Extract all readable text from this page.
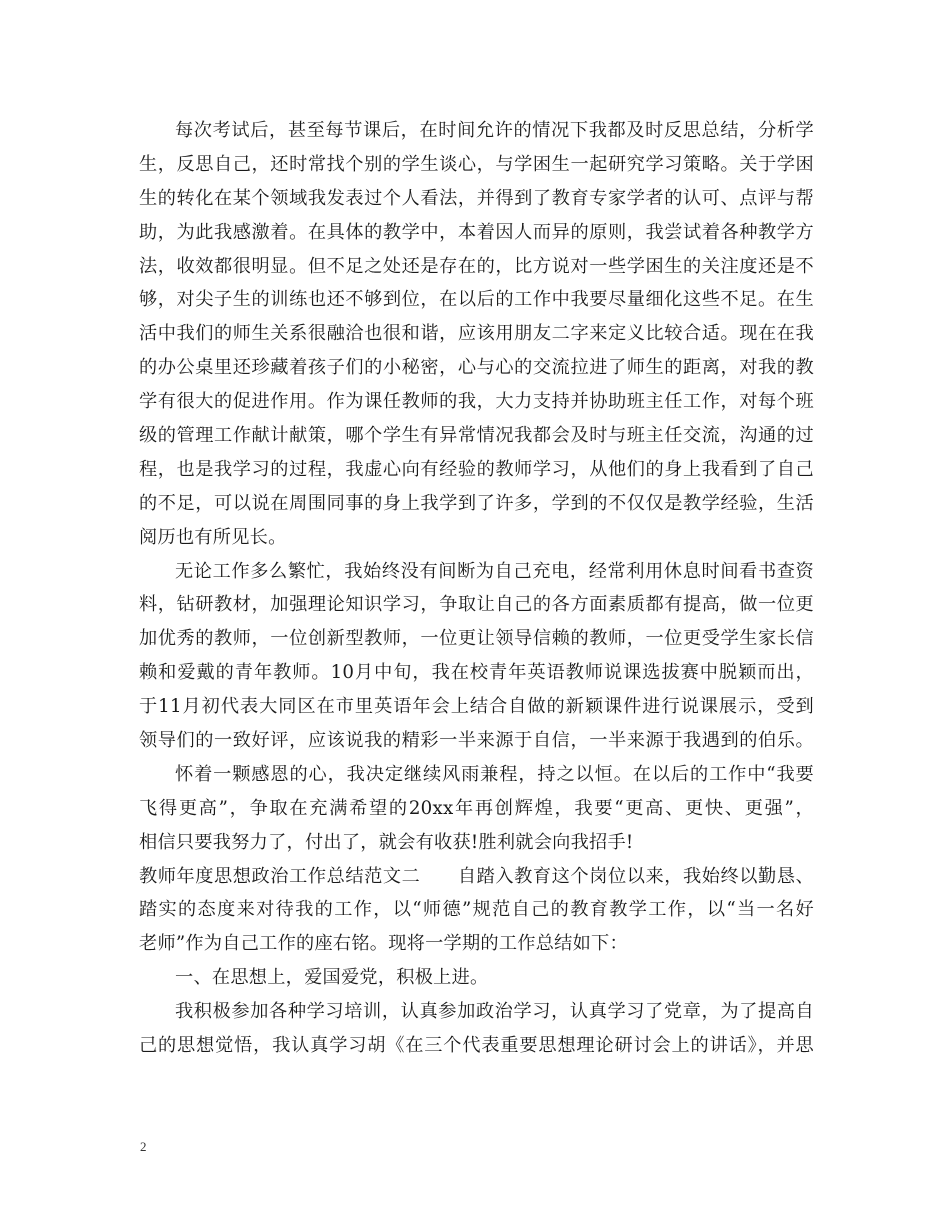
每次考试后，甚至每节课后，在时间允许的情况下我都及时反思总结，分析学
生，反思自己，还时常找个别的学生谈心，与学困生一起研究学习策略。关于学困
生的转化在某个领域我发表过个人看法，并得到了教育专家学者的认可、点评与帮
助，为此我感激着。在具体的教学中，本着因人而异的原则，我尝试着各种教学方
法，收效都很明显。但不足之处还是存在的，比方说对一些学困生的关注度还是不
够，对尖子生的训练也还不够到位，在以后的工作中我要尽量细化这些不足。在生
活中我们的师生关系很融洽也很和谐，应该用朋友二字来定义比较合适。现在在我
的办公桌里还珍藏着孩子们的小秘密，心与心的交流拉进了师生的距离，对我的教
学有很大的促进作用。作为课任教师的我，大力支持并协助班主任工作，对每个班
级的管理工作献计献策，哪个学生有异常情况我都会及时与班主任交流，沟通的过
程，也是我学习的过程，我虚心向有经验的教师学习，从他们的身上我看到了自己
的不足，可以说在周围同事的身上我学到了许多，学到的不仅仅是教学经验，生活
阅历也有所见长。
无论工作多么繁忙，我始终没有间断为自己充电，经常利用休息时间看书查资
料，钻研教材，加强理论知识学习，争取让自己的各方面素质都有提高，做一位更
加优秀的教师，一位创新型教师，一位更让领导信赖的教师，一位更受学生家长信
赖和爱戴的青年教师。10月中旬，我在校青年英语教师说课选拔赛中脱颖而出，
于11月初代表大同区在市里英语年会上结合自做的新颖课件进行说课展示，受到
领导们的一致好评，应该说我的精彩一半来源于自信，一半来源于我遇到的伯乐。
怀着一颗感恩的心，我决定继续风雨兼程，持之以恒。在以后的工作中“我要
飞得更高”，争取在充满希望的20xx年再创辉煌，我要“更高、更快、更强”，
相信只要我努力了，付出了，就会有收获!胜利就会向我招手!
教师年度思想政治工作总结范文二　　自踏入教育这个岗位以来，我始终以勤恳、
踏实的态度来对待我的工作，以“师德”规范自己的教育教学工作，以“当一名好
老师”作为自己工作的座右铭。现将一学期的工作总结如下：
一、在思想上，爱国爱党，积极上进。
我积极参加各种学习培训，认真参加政治学习，认真学习了党章，为了提高自
己的思想觉悟，我认真学习胡《在三个代表重要思想理论研讨会上的讲话》，并思
2
